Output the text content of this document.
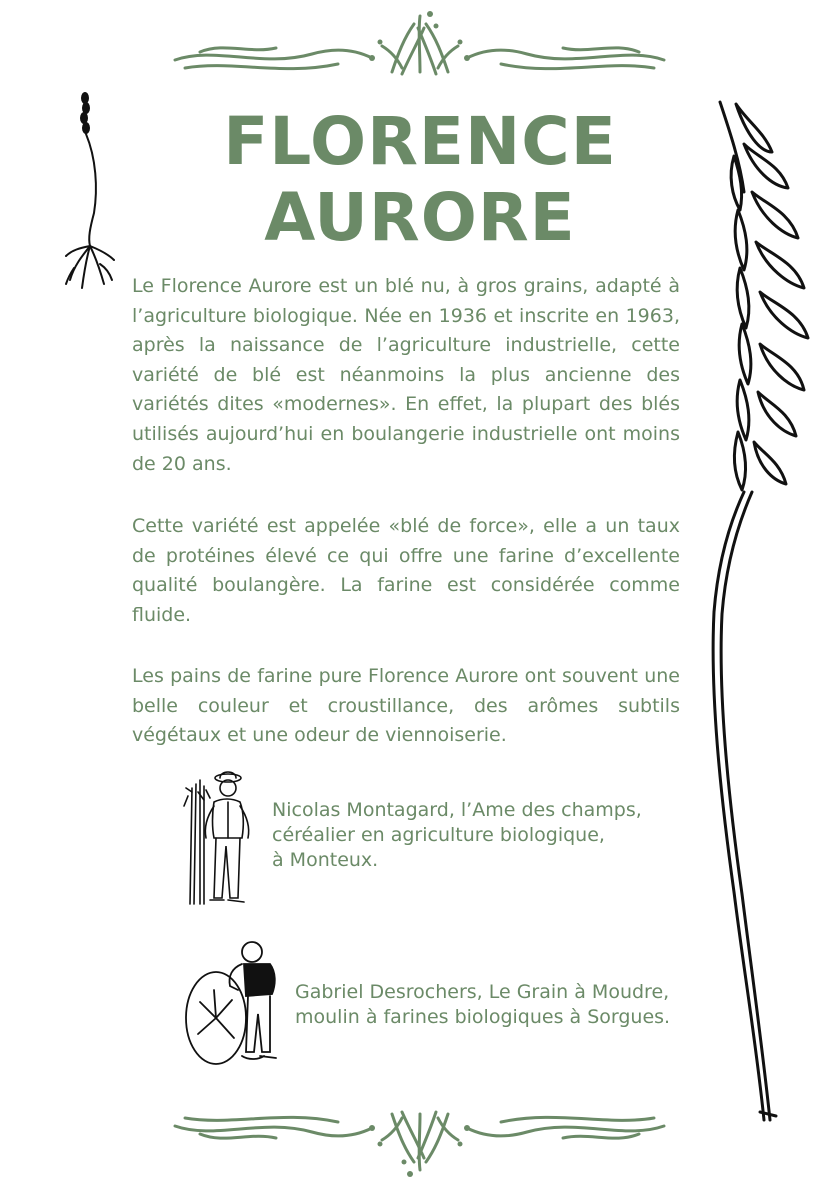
FLORENCE
AURORE

Le Florence Aurore est un blé nu, à gros grains, adapté à l’agriculture biologique. Née en 1936 et inscrite en 1963, après la naissance de l’agriculture industrielle, cette variété de blé est néanmoins la plus ancienne des variétés dites «modernes». En effet, la plupart des blés utilisés aujourd’hui en boulangerie industrielle ont moins de 20 ans.

Cette variété est appelée «blé de force», elle a un taux de protéines élevé ce qui offre une farine d’excellente qualité boulangère. La farine est considérée comme fluide.

Les pains de farine pure Florence Aurore ont souvent une belle couleur et croustillance, des arômes subtils végétaux et une odeur de viennoiserie.

Nicolas Montagard, l’Ame des champs,
céréalier en agriculture biologique,
à Monteux.

Gabriel Desrochers, Le Grain à Moudre,
moulin à farines biologiques à Sorgues.
